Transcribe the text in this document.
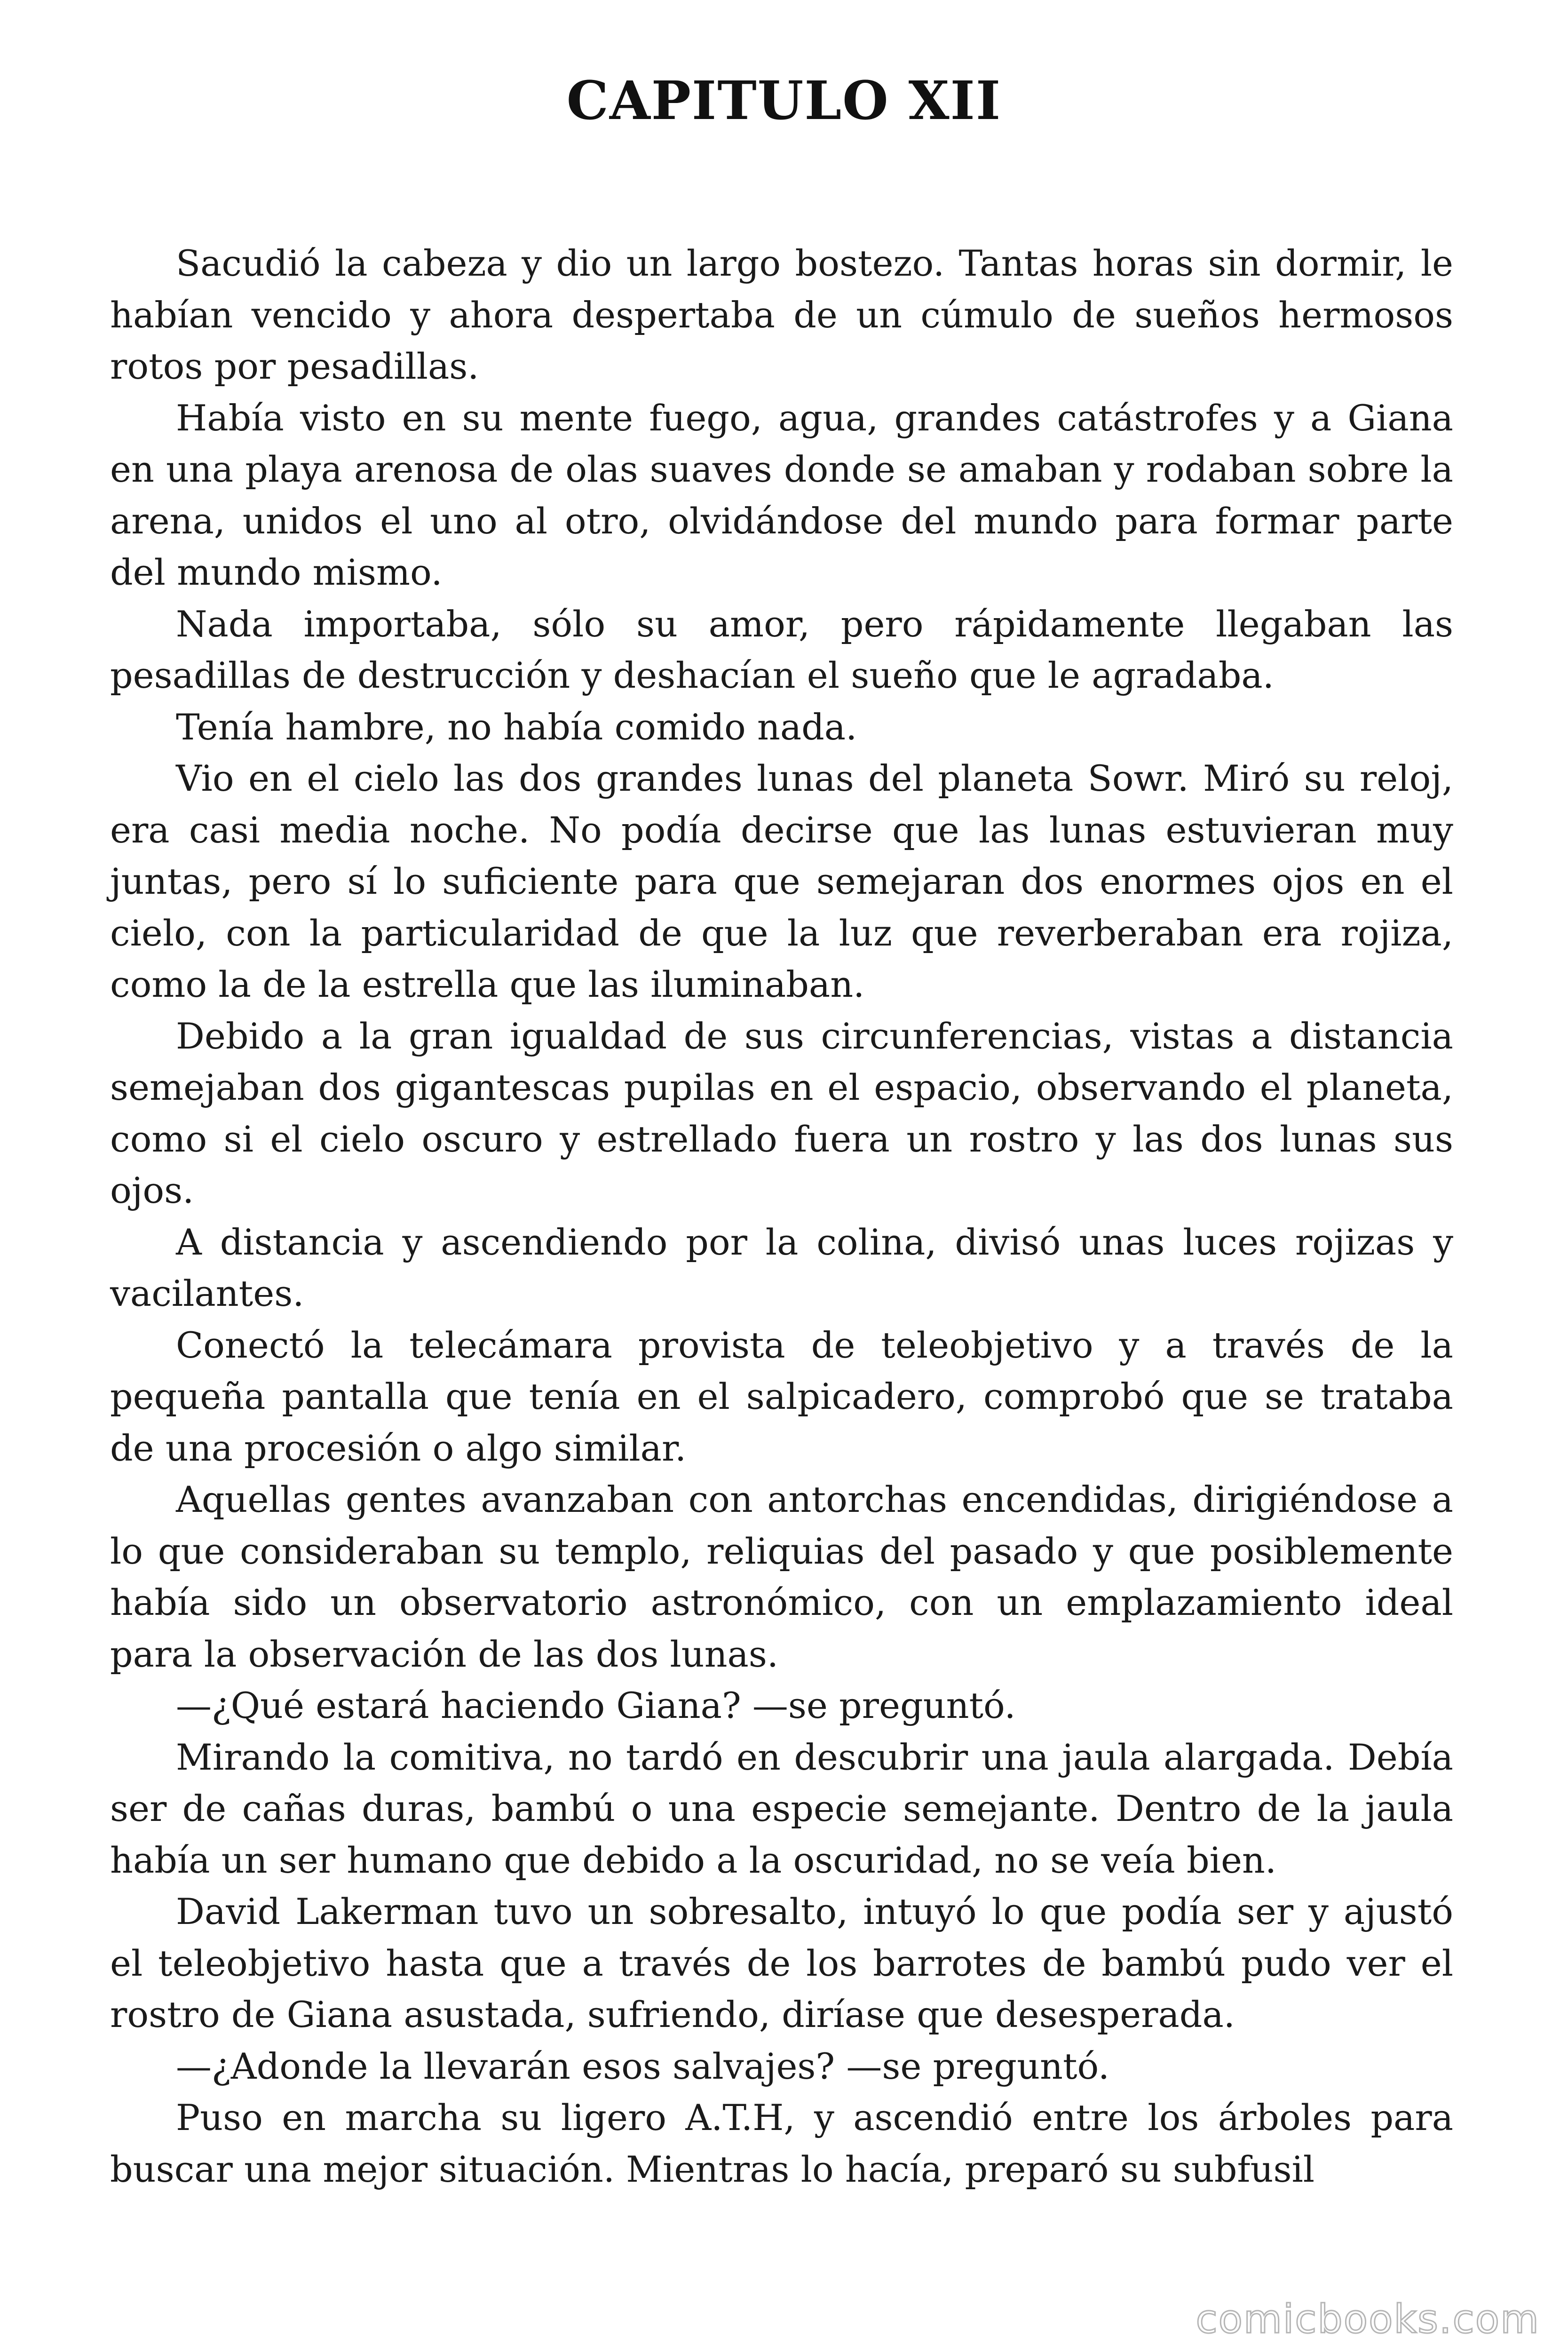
CAPITULO XII

Sacudió la cabeza y dio un largo bostezo. Tantas horas sin dormir, le habían vencido y ahora despertaba de un cúmulo de sueños hermosos rotos por pesadillas.

Había visto en su mente fuego, agua, grandes catástrofes y a Giana en una playa arenosa de olas suaves donde se amaban y rodaban sobre la arena, unidos el uno al otro, olvidándose del mundo para formar parte del mundo mismo.

Nada importaba, sólo su amor, pero rápidamente llegaban las pesadillas de destrucción y deshacían el sueño que le agradaba.

Tenía hambre, no había comido nada.

Vio en el cielo las dos grandes lunas del planeta Sowr. Miró su reloj, era casi media noche. No podía decirse que las lunas estuvieran muy juntas, pero sí lo suficiente para que semejaran dos enormes ojos en el cielo, con la particularidad de que la luz que reverberaban era rojiza, como la de la estrella que las iluminaban.

Debido a la gran igualdad de sus circunferencias, vistas a distancia semejaban dos gigantescas pupilas en el espacio, observando el planeta, como si el cielo oscuro y estrellado fuera un rostro y las dos lunas sus ojos.

A distancia y ascendiendo por la colina, divisó unas luces rojizas y vacilantes.

Conectó la telecámara provista de teleobjetivo y a través de la pequeña pantalla que tenía en el salpicadero, comprobó que se trataba de una procesión o algo similar.

Aquellas gentes avanzaban con antorchas encendidas, dirigiéndose a lo que consideraban su templo, reliquias del pasado y que posiblemente había sido un observatorio astronómico, con un emplazamiento ideal para la observación de las dos lunas.

—¿Qué estará haciendo Giana? —se preguntó.

Mirando la comitiva, no tardó en descubrir una jaula alargada. Debía ser de cañas duras, bambú o una especie semejante. Dentro de la jaula había un ser humano que debido a la oscuridad, no se veía bien.

David Lakerman tuvo un sobresalto, intuyó lo que podía ser y ajustó el teleobjetivo hasta que a través de los barrotes de bambú pudo ver el rostro de Giana asustada, sufriendo, diríase que desesperada.

—¿Adonde la llevarán esos salvajes? —se preguntó.

Puso en marcha su ligero A.T.H, y ascendió entre los árboles para buscar una mejor situación. Mientras lo hacía, preparó su subfusil

comicbooks.com
